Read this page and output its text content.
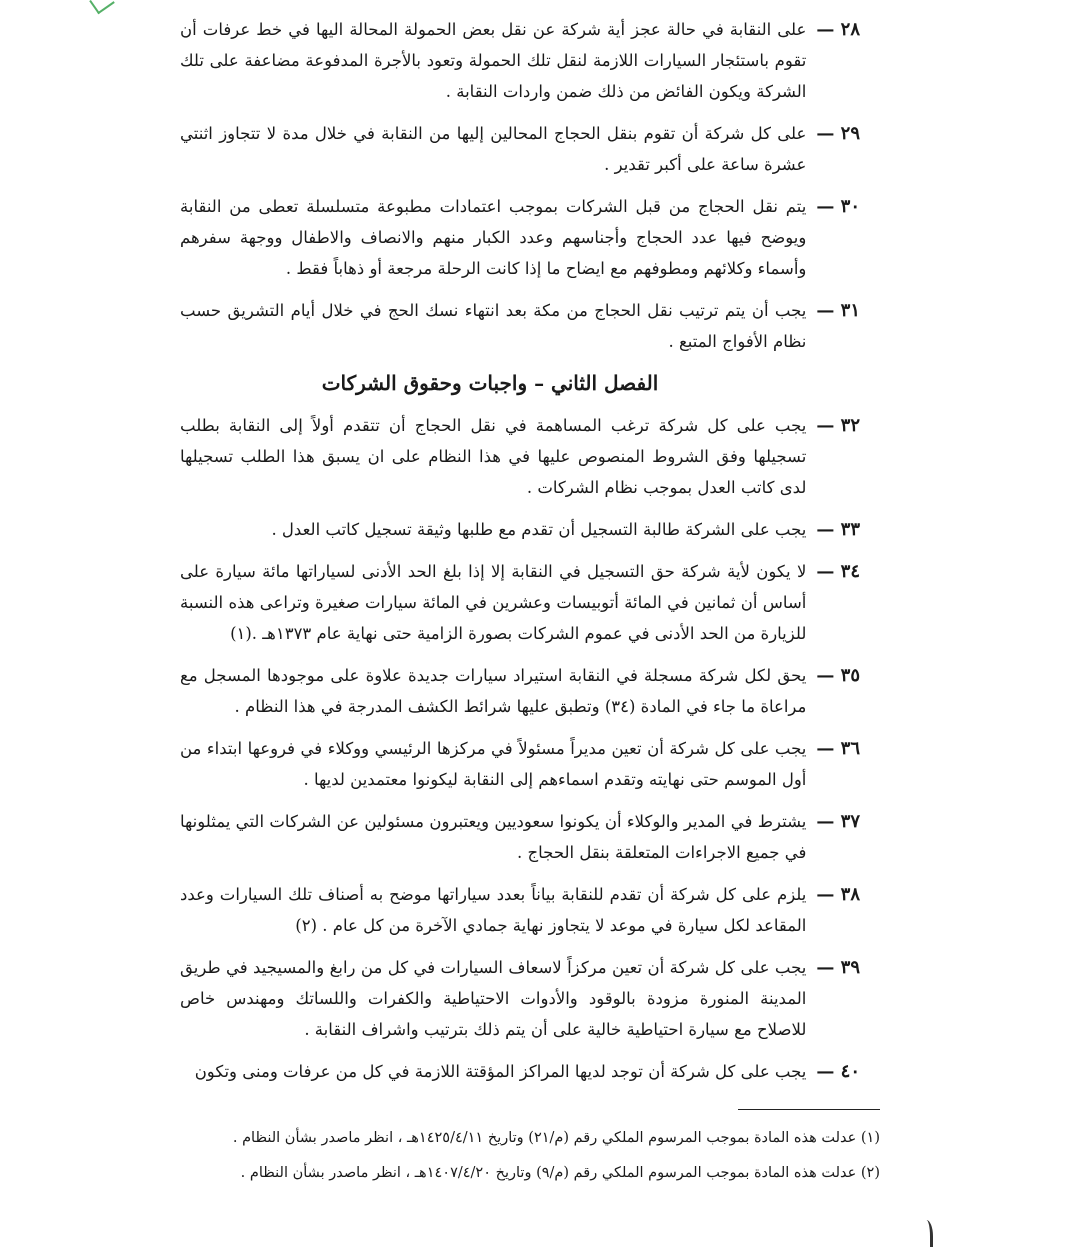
٢٨ —
على النقابة في حالة عجز أية شركة عن نقل بعض الحمولة المحالة اليها في خط عرفات أن تقوم باستئجار السيارات اللازمة لنقل تلك الحمولة وتعود بالأجرة المدفوعة مضاعفة على تلك الشركة ويكون الفائض من ذلك ضمن واردات النقابة .
٢٩ —
على كل شركة أن تقوم بنقل الحجاج المحالين إليها من النقابة في خلال مدة لا تتجاوز اثنتي عشرة ساعة على أكبر تقدير .
٣٠ —
يتم نقل الحجاج من قبل الشركات بموجب اعتمادات مطبوعة متسلسلة تعطى من النقابة ويوضح فيها عدد الحجاج وأجناسهم وعدد الكبار منهم والانصاف والاطفال ووجهة سفرهم وأسماء وكلائهم ومطوفهم مع ايضاح ما إذا كانت الرحلة مرجعة أو ذهاباً فقط .
٣١ —
يجب أن يتم ترتيب نقل الحجاج من مكة بعد انتهاء نسك الحج في خلال أيام التشريق حسب نظام الأفواج المتبع .
الفصل الثاني – واجبات وحقوق الشركات
٣٢ —
يجب على كل شركة ترغب المساهمة في نقل الحجاج أن تتقدم أولاً إلى النقابة بطلب تسجيلها وفق الشروط المنصوص عليها في هذا النظام على ان يسبق هذا الطلب تسجيلها لدى كاتب العدل بموجب نظام الشركات .
٣٣ —
يجب على الشركة طالبة التسجيل أن تقدم مع طلبها وثيقة تسجيل كاتب العدل .
٣٤ —
لا يكون لأية شركة حق التسجيل في النقابة إلا إذا بلغ الحد الأدنى لسياراتها مائة سيارة على أساس أن ثمانين في المائة أتوبيسات وعشرين في المائة سيارات صغيرة وتراعى هذه النسبة للزيارة من الحد الأدنى في عموم الشركات بصورة الزامية حتى نهاية عام ١٣٧٣هـ .(١)
٣٥ —
يحق لكل شركة مسجلة في النقابة استيراد سيارات جديدة علاوة على موجودها المسجل مع مراعاة ما جاء في المادة (٣٤) وتطبق عليها شرائط الكشف المدرجة في هذا النظام .
٣٦ —
يجب على كل شركة أن تعين مديراً مسئولاً في مركزها الرئيسي ووكلاء في فروعها ابتداء من أول الموسم حتى نهايته وتقدم اسماءهم إلى النقابة ليكونوا معتمدين لديها .
٣٧ —
يشترط في المدير والوكلاء أن يكونوا سعوديين ويعتبرون مسئولين عن الشركات التي يمثلونها في جميع الاجراءات المتعلقة بنقل الحجاج .
٣٨ —
يلزم على كل شركة أن تقدم للنقابة بياناً بعدد سياراتها موضح به أصناف تلك السيارات وعدد المقاعد لكل سيارة في موعد لا يتجاوز نهاية جمادي الآخرة من كل عام . (٢)
٣٩ —
يجب على كل شركة أن تعين مركزاً لاسعاف السيارات في كل من رابغ والمسيجيد في طريق المدينة المنورة مزودة بالوقود والأدوات الاحتياطية والكفرات واللساتك ومهندس خاص للاصلاح مع سيارة احتياطية خالية على أن يتم ذلك بترتيب واشراف النقابة .
٤٠ —
يجب على كل شركة أن توجد لديها المراكز المؤقتة اللازمة في كل من عرفات ومنى وتكون
(١) عدلت هذه المادة بموجب المرسوم الملكي رقم (م/٢١) وتاريخ ١٤٢٥/٤/١١هـ ، انظر ماصدر بشأن النظام .
(٢) عدلت هذه المادة بموجب المرسوم الملكي رقم (م/٩) وتاريخ ١٤٠٧/٤/٢٠هـ ، انظر ماصدر بشأن النظام .
